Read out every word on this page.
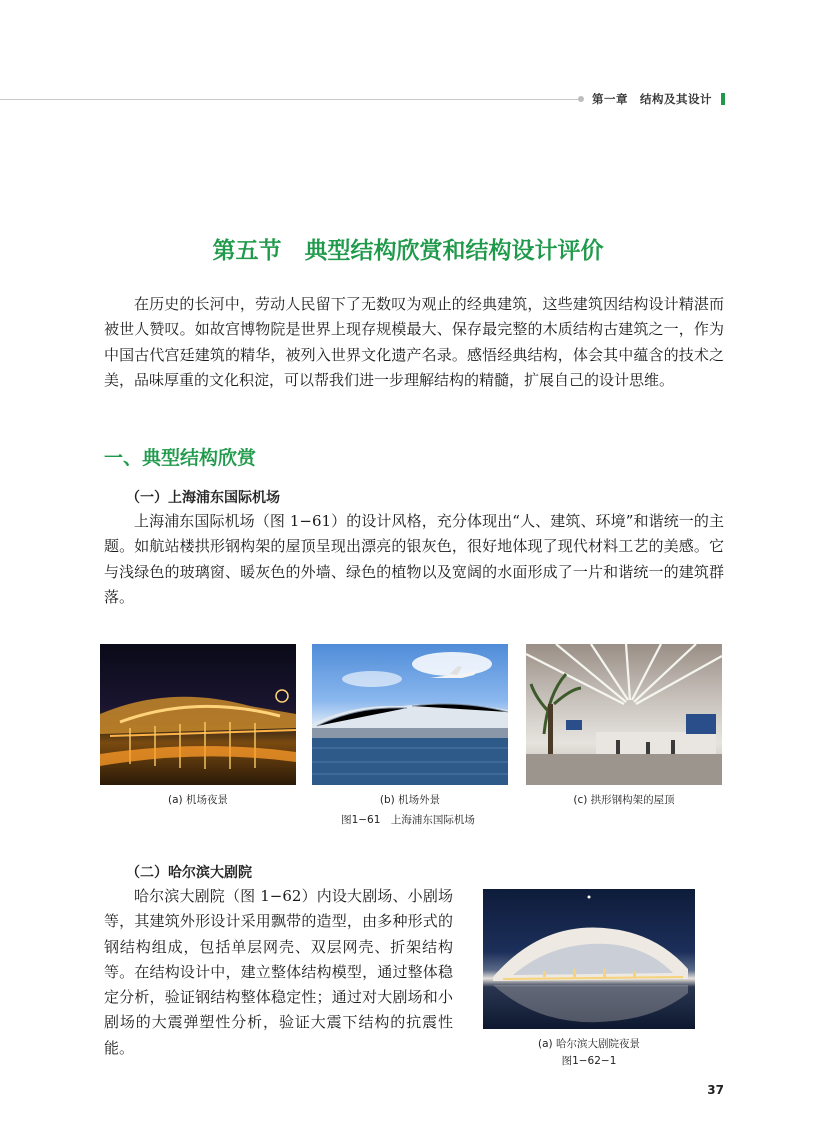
第一章　结构及其设计
第五节　典型结构欣赏和结构设计评价
在历史的长河中，劳动人民留下了无数叹为观止的经典建筑，这些建筑因结构设计精湛而被世人赞叹。如故宫博物院是世界上现存规模最大、保存最完整的木质结构古建筑之一，作为中国古代宫廷建筑的精华，被列入世界文化遗产名录。感悟经典结构，体会其中蕴含的技术之美，品味厚重的文化积淀，可以帮我们进一步理解结构的精髓，扩展自己的设计思维。
一、典型结构欣赏
（一）上海浦东国际机场
上海浦东国际机场（图 1−61）的设计风格，充分体现出“人、建筑、环境”和谐统一的主题。如航站楼拱形钢构架的屋顶呈现出漂亮的银灰色，很好地体现了现代材料工艺的美感。它与浅绿色的玻璃窗、暖灰色的外墙、绿色的植物以及宽阔的水面形成了一片和谐统一的建筑群落。
(a) 机场夜景	(b) 机场外景	(c) 拱形钢构架的屋顶
图1−61　上海浦东国际机场
（二）哈尔滨大剧院
哈尔滨大剧院（图 1−62）内设大剧场、小剧场等，其建筑外形设计采用飘带的造型，由多种形式的钢结构组成，包括单层网壳、双层网壳、折架结构等。在结构设计中，建立整体结构模型，通过整体稳定分析，验证钢结构整体稳定性；通过对大剧场和小剧场的大震弹塑性分析，验证大震下结构的抗震性能。	(a) 哈尔滨大剧院夜景
图1−62−1
37
